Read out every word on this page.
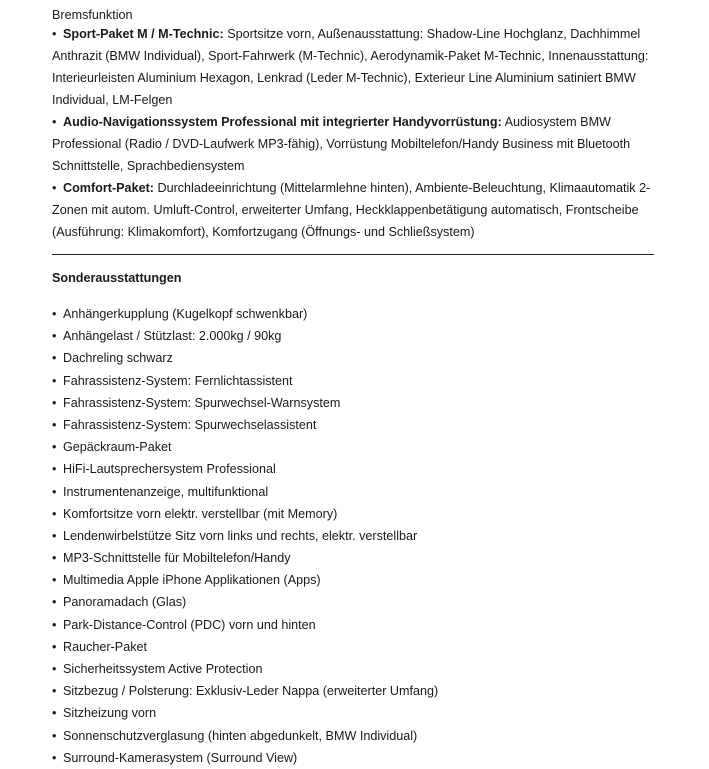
Bremsfunktion
• Sport-Paket M / M-Technic: Sportsitze vorn, Außenausstattung: Shadow-Line Hochglanz, Dachhimmel Anthrazit (BMW Individual), Sport-Fahrwerk (M-Technic), Aerodynamik-Paket M-Technic, Innenausstattung: Interieurleisten Aluminium Hexagon, Lenkrad (Leder M-Technic), Exterieur Line Aluminium satiniert BMW Individual, LM-Felgen
• Audio-Navigationssystem Professional mit integrierter Handyvorrüstung: Audiosystem BMW Professional (Radio / DVD-Laufwerk MP3-fähig), Vorrüstung Mobiltelefon/Handy Business mit Bluetooth Schnittstelle, Sprachbediensystem
• Comfort-Paket: Durchladeeinrichtung (Mittelarmlehne hinten), Ambiente-Beleuchtung, Klimaautomatik 2-Zonen mit autom. Umluft-Control, erweiterter Umfang, Heckklappenbetätigung automatisch, Frontscheibe (Ausführung: Klimakomfort), Komfortzugang (Öffnungs- und Schließsystem)
Sonderausstattungen
• Anhängerkupplung (Kugelkopf schwenkbar)
• Anhängelast / Stützlast: 2.000kg / 90kg
• Dachreling schwarz
• Fahrassistenz-System: Fernlichtassistent
• Fahrassistenz-System: Spurwechsel-Warnsystem
• Fahrassistenz-System: Spurwechselassistent
• Gepäckraum-Paket
• HiFi-Lautsprechersystem Professional
• Instrumentenanzeige, multifunktional
• Komfortsitze vorn elektr. verstellbar (mit Memory)
• Lendenwirbelstütze Sitz vorn links und rechts, elektr. verstellbar
• MP3-Schnittstelle für Mobiltelefon/Handy
• Multimedia Apple iPhone Applikationen (Apps)
• Panoramadach (Glas)
• Park-Distance-Control (PDC) vorn und hinten
• Raucher-Paket
• Sicherheitssystem Active Protection
• Sitzbezug / Polsterung: Exklusiv-Leder Nappa (erweiterter Umfang)
• Sitzheizung vorn
• Sonnenschutzverglasung (hinten abgedunkelt, BMW Individual)
• Surround-Kamerasystem (Surround View)
